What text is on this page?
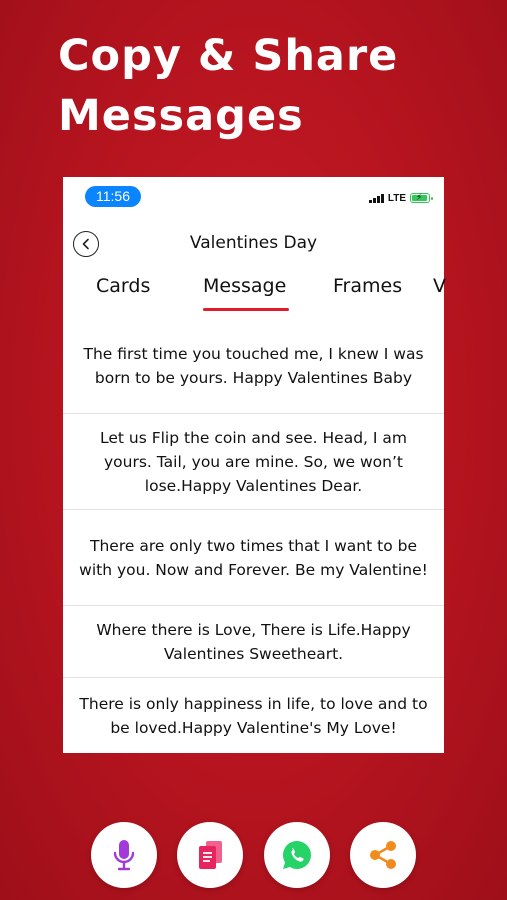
Copy & Share
Messages
11:56	LTE ⚡
Valentines Day
Cards	Message Frames V
The first time you touched me, I knew I was born to be yours. Happy Valentines Baby
Let us Flip the coin and see. Head, I am yours. Tail, you are mine. So, we won’t lose.Happy Valentines Dear.
There are only two times that I want to be with you. Now and Forever. Be my Valentine!
Where there is Love, There is Life.Happy Valentines Sweetheart.
There is only happiness in life, to love and to be loved.Happy Valentine's My Love!
